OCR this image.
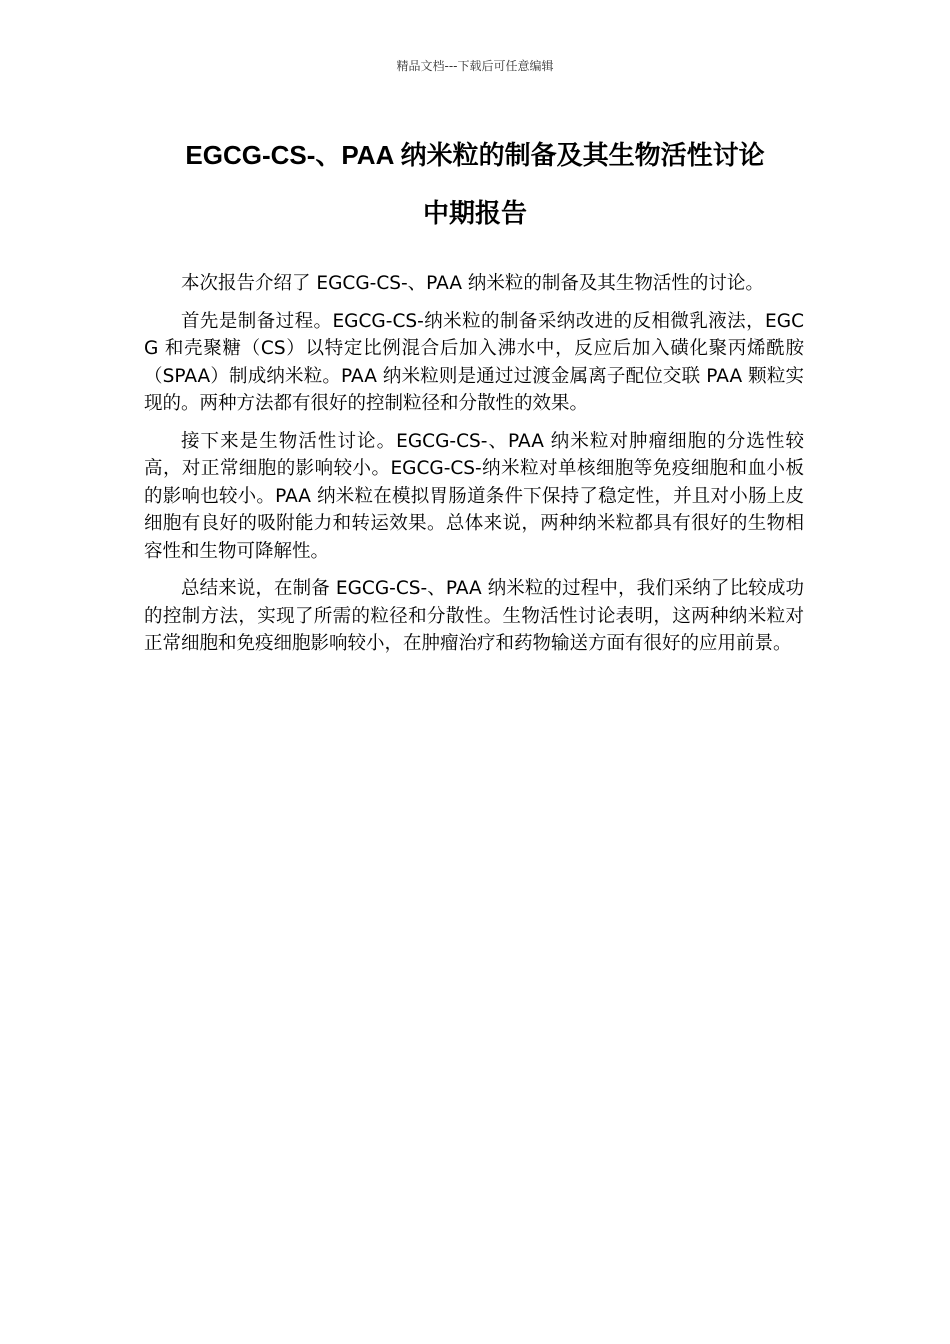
精品文档---下载后可任意编辑
EGCG-CS-、PAA 纳米粒的制备及其生物活性讨论
中期报告

本次报告介绍了 EGCG-CS-、PAA 纳米粒的制备及其生物活性的讨论。

首先是制备过程。EGCG-CS-纳米粒的制备采纳改进的反相微乳液法，EGCG 和壳聚糖（CS）以特定比例混合后加入沸水中，反应后加入磺化聚丙烯酰胺（SPAA）制成纳米粒。PAA 纳米粒则是通过过渡金属离子配位交联 PAA 颗粒实现的。两种方法都有很好的控制粒径和分散性的效果。

接下来是生物活性讨论。EGCG-CS-、PAA 纳米粒对肿瘤细胞的分选性较高，对正常细胞的影响较小。EGCG-CS-纳米粒对单核细胞等免疫细胞和血小板的影响也较小。PAA 纳米粒在模拟胃肠道条件下保持了稳定性，并且对小肠上皮细胞有良好的吸附能力和转运效果。总体来说，两种纳米粒都具有很好的生物相容性和生物可降解性。

总结来说，在制备 EGCG-CS-、PAA 纳米粒的过程中，我们采纳了比较成功的控制方法，实现了所需的粒径和分散性。生物活性讨论表明，这两种纳米粒对正常细胞和免疫细胞影响较小，在肿瘤治疗和药物输送方面有很好的应用前景。
